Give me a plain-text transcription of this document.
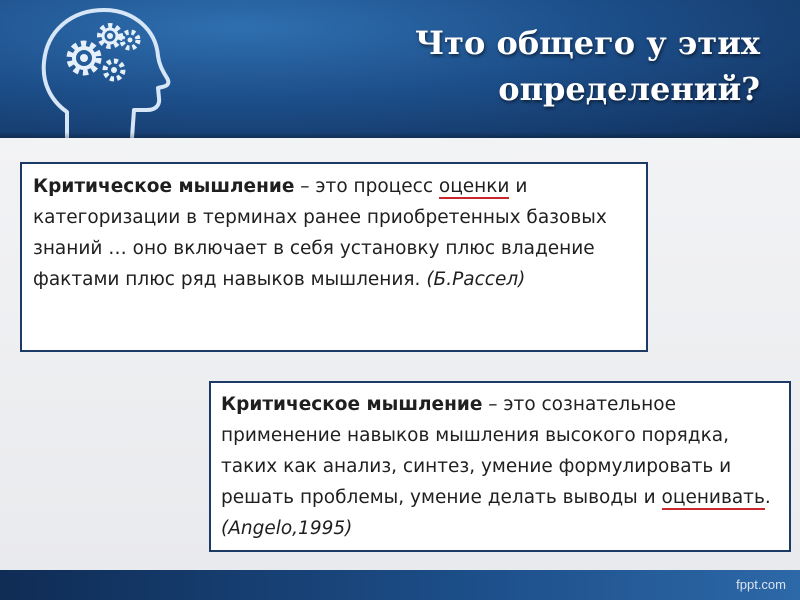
Что общего у этих
определений?
Критическое мышление – это процесс оценки и категоризации в терминах ранее приобретенных базовых знаний … оно включает в себя установку плюс владение фактами плюс ряд навыков мышления. (Б.Рассел)
Критическое мышление – это сознательное применение навыков мышления высокого порядка, таких как анализ, синтез, умение формулировать и решать проблемы, умение делать выводы и оценивать. (Angelo,1995)
fppt.com
